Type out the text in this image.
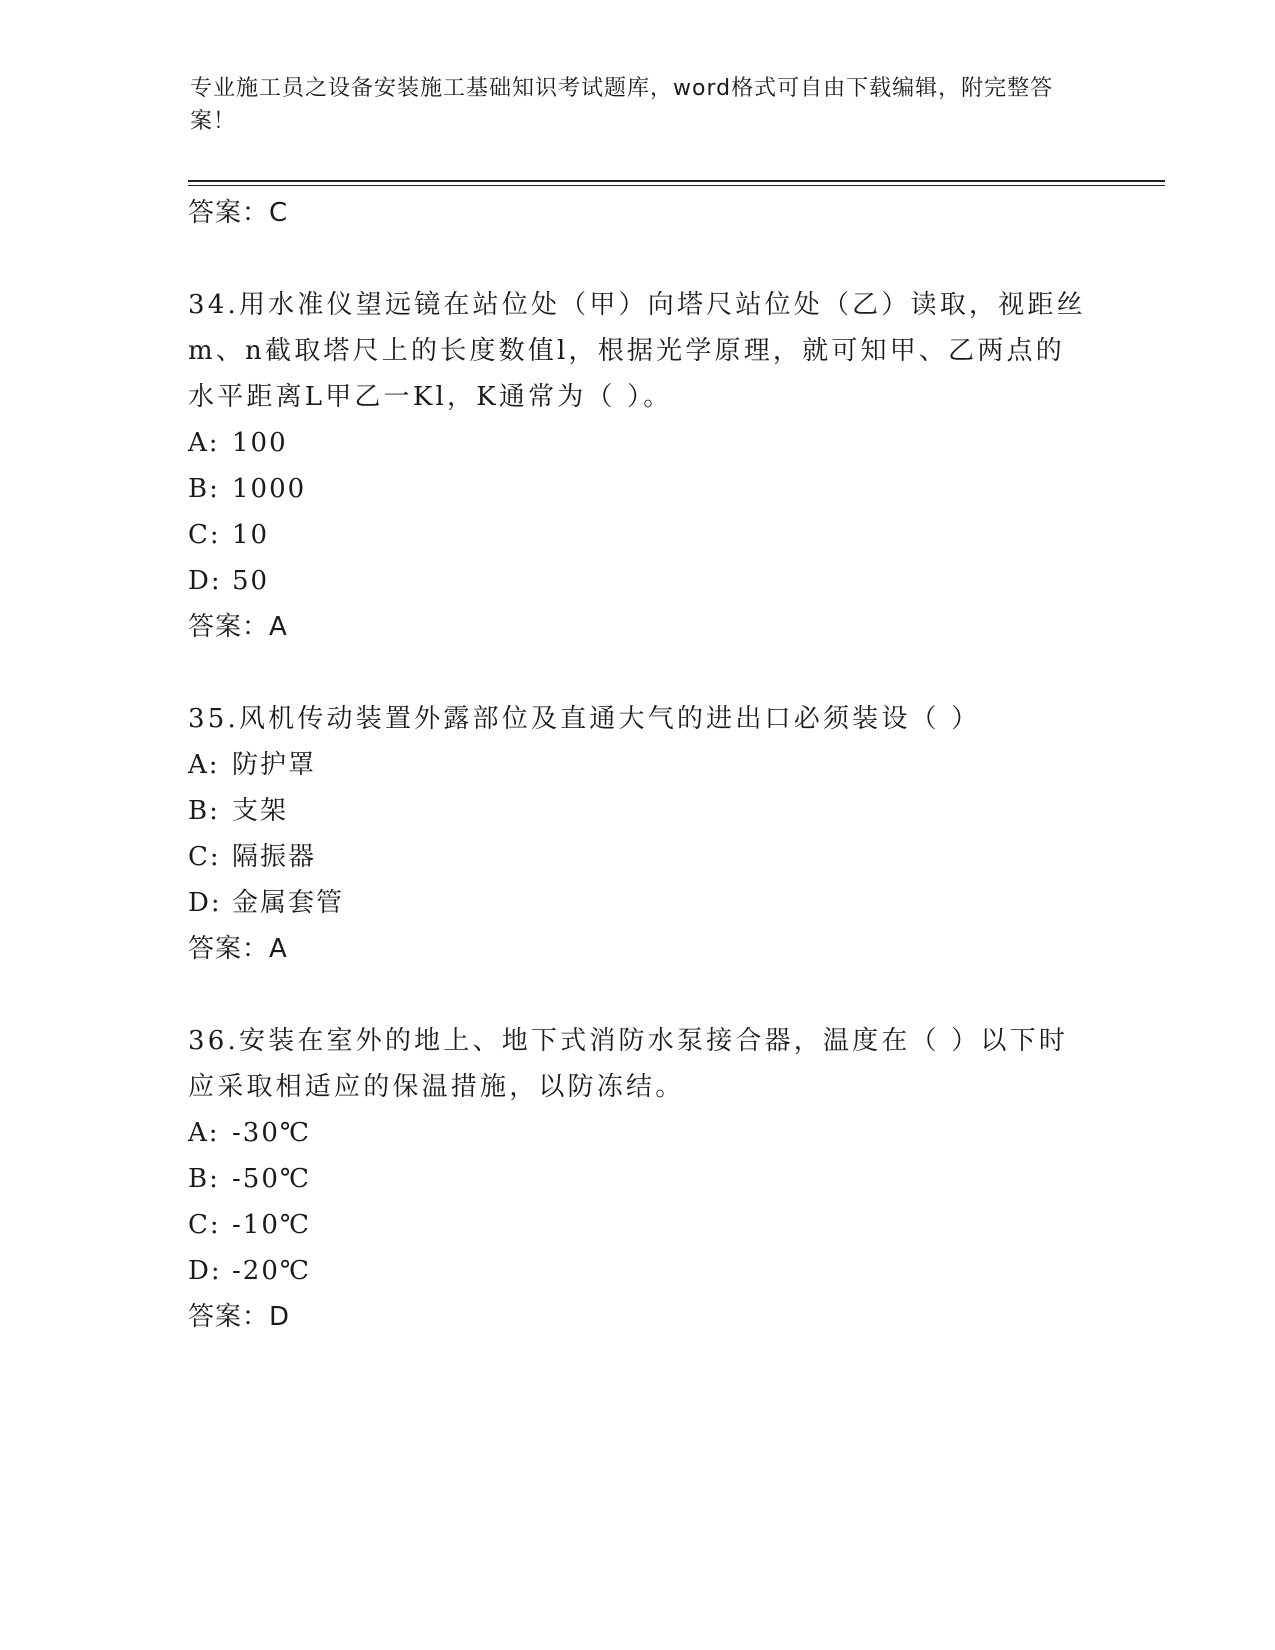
专业施工员之设备安装施工基础知识考试题库，word格式可自由下载编辑，附完整答案！
答案：C
34.用水准仪望远镜在站位处（甲）向塔尺站位处（乙）读取，视距丝m、n截取塔尺上的长度数值l，根据光学原理，就可知甲、乙两点的水平距离L甲乙一Kl，K通常为（ ）。
A: 100
B: 1000
C: 10
D: 50
答案：A
35.风机传动装置外露部位及直通大气的进出口必须装设（ ）
A: 防护罩
B: 支架
C: 隔振器
D: 金属套管
答案：A
36.安装在室外的地上、地下式消防水泵接合器，温度在（ ）以下时应采取相适应的保温措施，以防冻结。
A: -30℃
B: -50℃
C: -10℃
D: -20℃
答案：D
